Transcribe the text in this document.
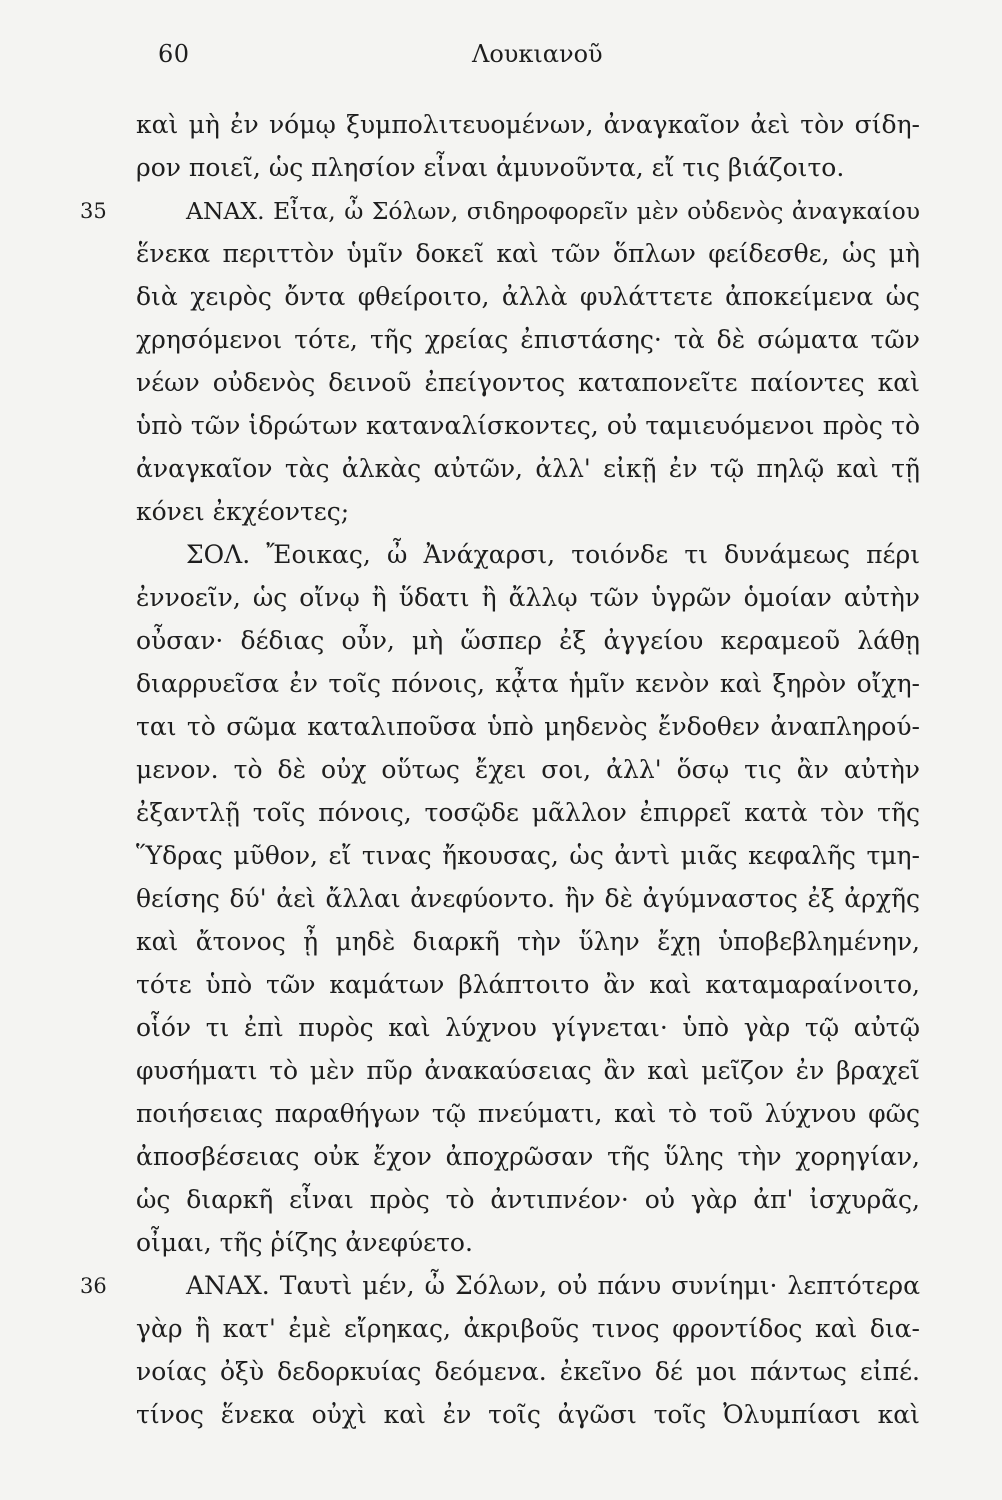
60	Λουκιανοῦ
35
36
καὶ μὴ ἐν νόμῳ ξυμπολιτευομένων, ἀναγκαῖον ἀεὶ τὸν σίδη-
ρον ποιεῖ, ὡς πλησίον εἶναι ἀμυνοῦντα, εἴ τις βιάζοιτο.
ΑΝΑΧ. Εἶτα, ὦ Σόλων, σιδηροφορεῖν μὲν οὐδενὸς ἀναγκαίου
ἕνεκα περιττὸν ὑμῖν δοκεῖ καὶ τῶν ὅπλων φείδεσθε, ὡς μὴ
διὰ χειρὸς ὄντα φθείροιτο, ἀλλὰ φυλάττετε ἀποκείμενα ὡς
χρησόμενοι τότε, τῆς χρείας ἐπιστάσης· τὰ δὲ σώματα τῶν
νέων οὐδενὸς δεινοῦ ἐπείγοντος καταπονεῖτε παίοντες καὶ
ὑπὸ τῶν ἱδρώτων καταναλίσκοντες, οὐ ταμιευόμενοι πρὸς τὸ
ἀναγκαῖον τὰς ἀλκὰς αὐτῶν, ἀλλ' εἰκῇ ἐν τῷ πηλῷ καὶ τῇ
κόνει ἐκχέοντες;
ΣΟΛ. Ἔοικας, ὦ Ἀνάχαρσι, τοιόνδε τι δυνάμεως πέρι
ἐννοεῖν, ὡς οἴνῳ ἢ ὕδατι ἢ ἄλλῳ τῶν ὑγρῶν ὁμοίαν αὐτὴν
οὖσαν· δέδιας οὖν, μὴ ὥσπερ ἐξ ἀγγείου κεραμεοῦ λάθῃ
διαρρυεῖσα ἐν τοῖς πόνοις, κᾆτα ἡμῖν κενὸν καὶ ξηρὸν οἴχη-
ται τὸ σῶμα καταλιποῦσα ὑπὸ μηδενὸς ἔνδοθεν ἀναπληρού-
μενον. τὸ δὲ οὐχ οὕτως ἔχει σοι, ἀλλ' ὅσῳ τις ἂν αὐτὴν
ἐξαντλῇ τοῖς πόνοις, τοσῷδε μᾶλλον ἐπιρρεῖ κατὰ τὸν τῆς
Ὕδρας μῦθον, εἴ τινας ἤκουσας, ὡς ἀντὶ μιᾶς κεφαλῆς τμη-
θείσης δύ' ἀεὶ ἄλλαι ἀνεφύοντο. ἢν δὲ ἀγύμναστος ἐξ ἀρχῆς
καὶ ἄτονος ᾖ μηδὲ διαρκῆ τὴν ὕλην ἔχῃ ὑποβεβλημένην,
τότε ὑπὸ τῶν καμάτων βλάπτοιτο ἂν καὶ καταμαραίνοιτο,
οἷόν τι ἐπὶ πυρὸς καὶ λύχνου γίγνεται· ὑπὸ γὰρ τῷ αὐτῷ
φυσήματι τὸ μὲν πῦρ ἀνακαύσειας ἂν καὶ μεῖζον ἐν βραχεῖ
ποιήσειας παραθήγων τῷ πνεύματι, καὶ τὸ τοῦ λύχνου φῶς
ἀποσβέσειας οὐκ ἔχον ἀποχρῶσαν τῆς ὕλης τὴν χορηγίαν,
ὡς διαρκῆ εἶναι πρὸς τὸ ἀντιπνέον· οὐ γὰρ ἀπ' ἰσχυρᾶς,
οἶμαι, τῆς ῥίζης ἀνεφύετο.
ΑΝΑΧ. Ταυτὶ μέν, ὦ Σόλων, οὐ πάνυ συνίημι· λεπτότερα
γὰρ ἢ κατ' ἐμὲ εἴρηκας, ἀκριβοῦς τινος φροντίδος καὶ δια-
νοίας ὀξὺ δεδορκυίας δεόμενα. ἐκεῖνο δέ μοι πάντως εἰπέ.
τίνος ἕνεκα οὐχὶ καὶ ἐν τοῖς ἀγῶσι τοῖς Ὀλυμπίασι καὶ
